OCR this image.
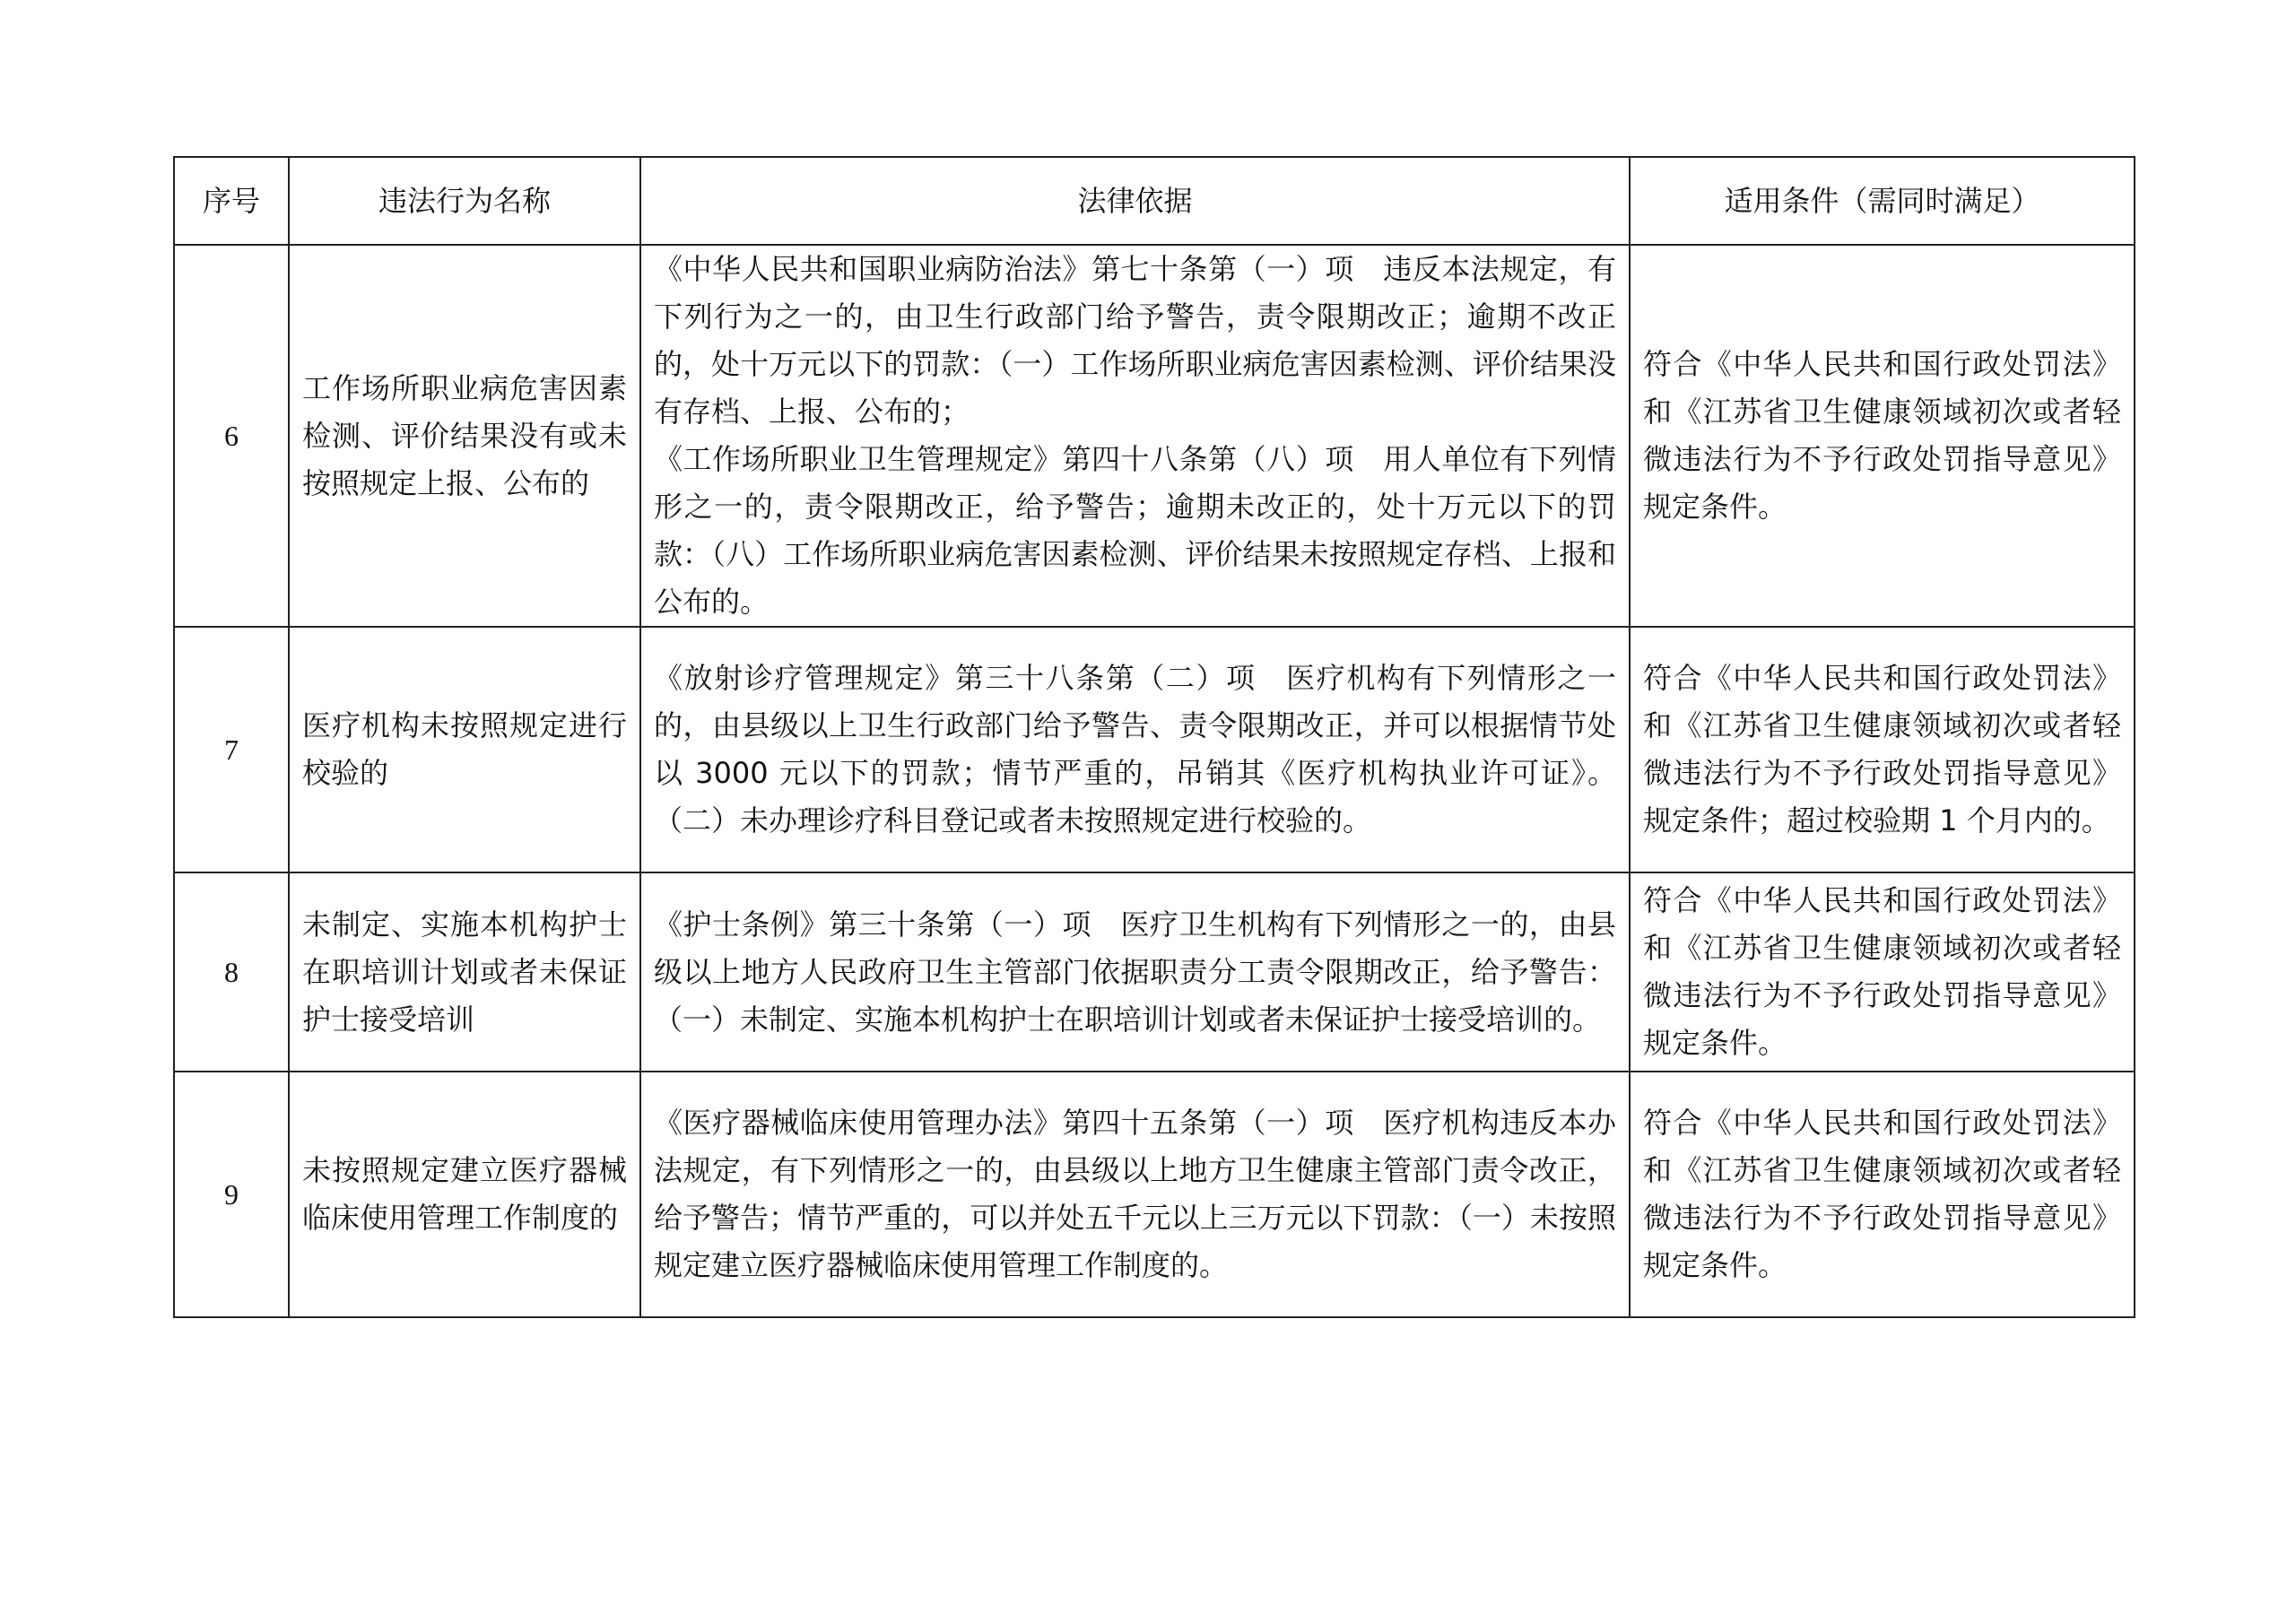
序号	违法行为名称	法律依据	适用条件（需同时满足）
6	工作场所职业病危害因素检测、评价结果没有或未按照规定上报、公布的	《中华人民共和国职业病防治法》第七十条第（一）项　违反本法规定，有下列行为之一的，由卫生行政部门给予警告，责令限期改正；逾期不改正的，处十万元以下的罚款：（一）工作场所职业病危害因素检测、评价结果没有存档、上报、公布的；

《工作场所职业卫生管理规定》第四十八条第（八）项　用人单位有下列情形之一的，责令限期改正，给予警告；逾期未改正的，处十万元以下的罚款：（八）工作场所职业病危害因素检测、评价结果未按照规定存档、上报和公布的。	符合《中华人民共和国行政处罚法》和《江苏省卫生健康领域初次或者轻微违法行为不予行政处罚指导意见》规定条件。
7	医疗机构未按照规定进行校验的	《放射诊疗管理规定》第三十八条第（二）项　医疗机构有下列情形之一的，由县级以上卫生行政部门给予警告、责令限期改正，并可以根据情节处以 3000 元以下的罚款；情节严重的，吊销其《医疗机构执业许可证》。（二）未办理诊疗科目登记或者未按照规定进行校验的。	符合《中华人民共和国行政处罚法》和《江苏省卫生健康领域初次或者轻微违法行为不予行政处罚指导意见》规定条件；超过校验期 1 个月内的。
8	未制定、实施本机构护士在职培训计划或者未保证护士接受培训	《护士条例》第三十条第（一）项　医疗卫生机构有下列情形之一的，由县级以上地方人民政府卫生主管部门依据职责分工责令限期改正，给予警告：（一）未制定、实施本机构护士在职培训计划或者未保证护士接受培训的。	符合《中华人民共和国行政处罚法》和《江苏省卫生健康领域初次或者轻微违法行为不予行政处罚指导意见》规定条件。
9	未按照规定建立医疗器械临床使用管理工作制度的	《医疗器械临床使用管理办法》第四十五条第（一）项　医疗机构违反本办法规定，有下列情形之一的，由县级以上地方卫生健康主管部门责令改正，给予警告；情节严重的，可以并处五千元以上三万元以下罚款：（一）未按照规定建立医疗器械临床使用管理工作制度的。	符合《中华人民共和国行政处罚法》和《江苏省卫生健康领域初次或者轻微违法行为不予行政处罚指导意见》规定条件。
